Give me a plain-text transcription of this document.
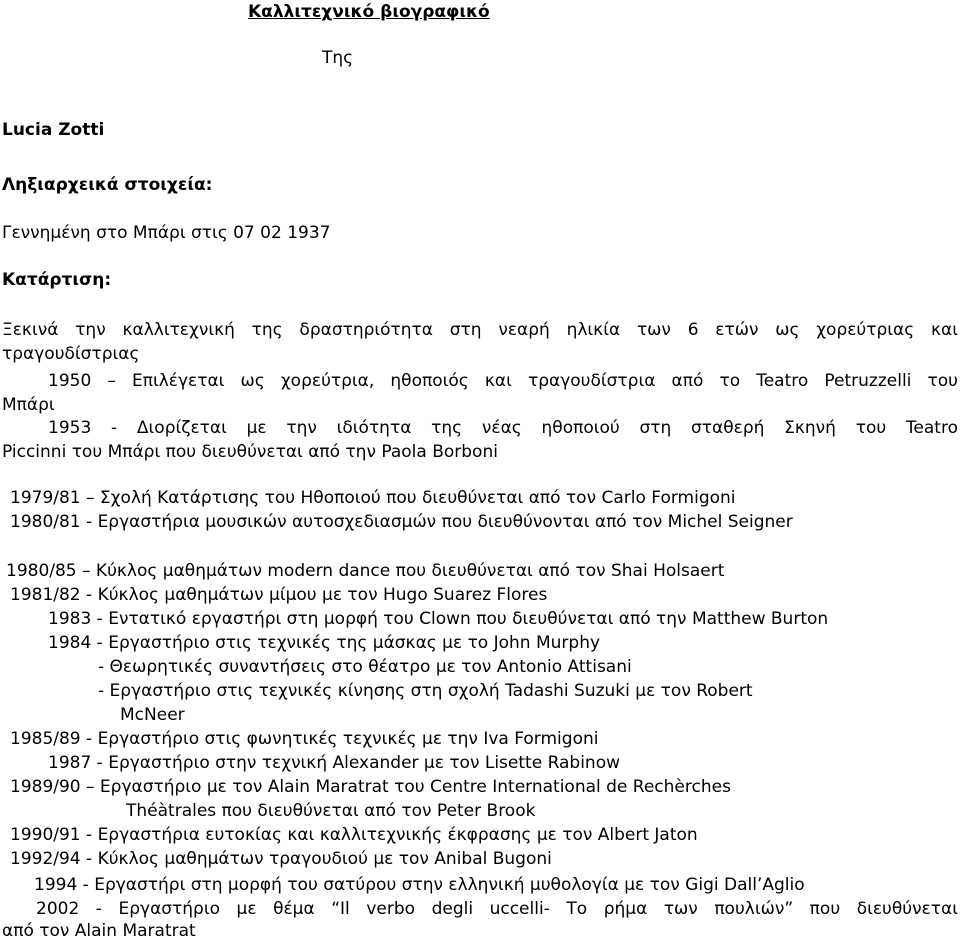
Καλλιτεχνικό βιογραφικό
Της
Lucia Zotti
Ληξιαρχεικά στοιχεία:
Γεννημένη στο Μπάρι στις 07 02 1937
Κατάρτιση:
Ξεκινά την καλλιτεχνική της δραστηριότητα στη νεαρή ηλικία των 6 ετών ως χορεύτριας και
τραγουδίστριας
1950 – Επιλέγεται ως χορεύτρια, ηθοποιός και τραγουδίστρια από το Teatro Petruzzelli του
Μπάρι
1953 - Διορίζεται με την ιδιότητα της νέας ηθοποιού στη σταθερή Σκηνή του Teatro
Piccinni του Μπάρι που διευθύνεται από την Paola Borboni
1979/81 – Σχολή Κατάρτισης του Ηθοποιού που διευθύνεται από τον Carlo Formigoni
1980/81 - Εργαστήρια μουσικών αυτοσχεδιασμών που διευθύνονται από τον Michel Seigner
1980/85 – Κύκλος μαθημάτων modern dance που διευθύνεται από τον Shai Holsaert
1981/82 - Κύκλος μαθημάτων μίμου με τον Hugo Suarez Flores
1983 - Εντατικό εργαστήρι στη μορφή του Clown που διευθύνεται από την Matthew Burton
1984 - Εργαστήριο στις τεχνικές της μάσκας με το John Murphy
- Θεωρητικές συναντήσεις στο θέατρο με τον Antonio Attisani
- Εργαστήριο στις τεχνικές κίνησης στη σχολή Tadashi Suzuki με τον Robert
McNeer
1985/89 - Εργαστήριο στις φωνητικές τεχνικές με την Iva Formigoni
1987 - Εργαστήριο στην τεχνική Alexander με τον Lisette Rabinow
1989/90 – Εργαστήριο με τον Alain Maratrat του Centre International de Rechèrches
Théàtrales που διευθύνεται από τον Peter Brook
1990/91 - Εργαστήρια ευτοκίας και καλλιτεχνικής έκφρασης με τον Albert Jaton
1992/94 - Κύκλος μαθημάτων τραγουδιού με τον Anibal Bugoni
1994 - Εργαστήρι στη μορφή του σατύρου στην ελληνική μυθολογία με τον Gigi Dall’Aglio
2002 - Εργαστήριο με θέμα “Il verbo degli uccelli- Το ρήμα των πουλιών” που διευθύνεται
από τον Alain Maratrat
